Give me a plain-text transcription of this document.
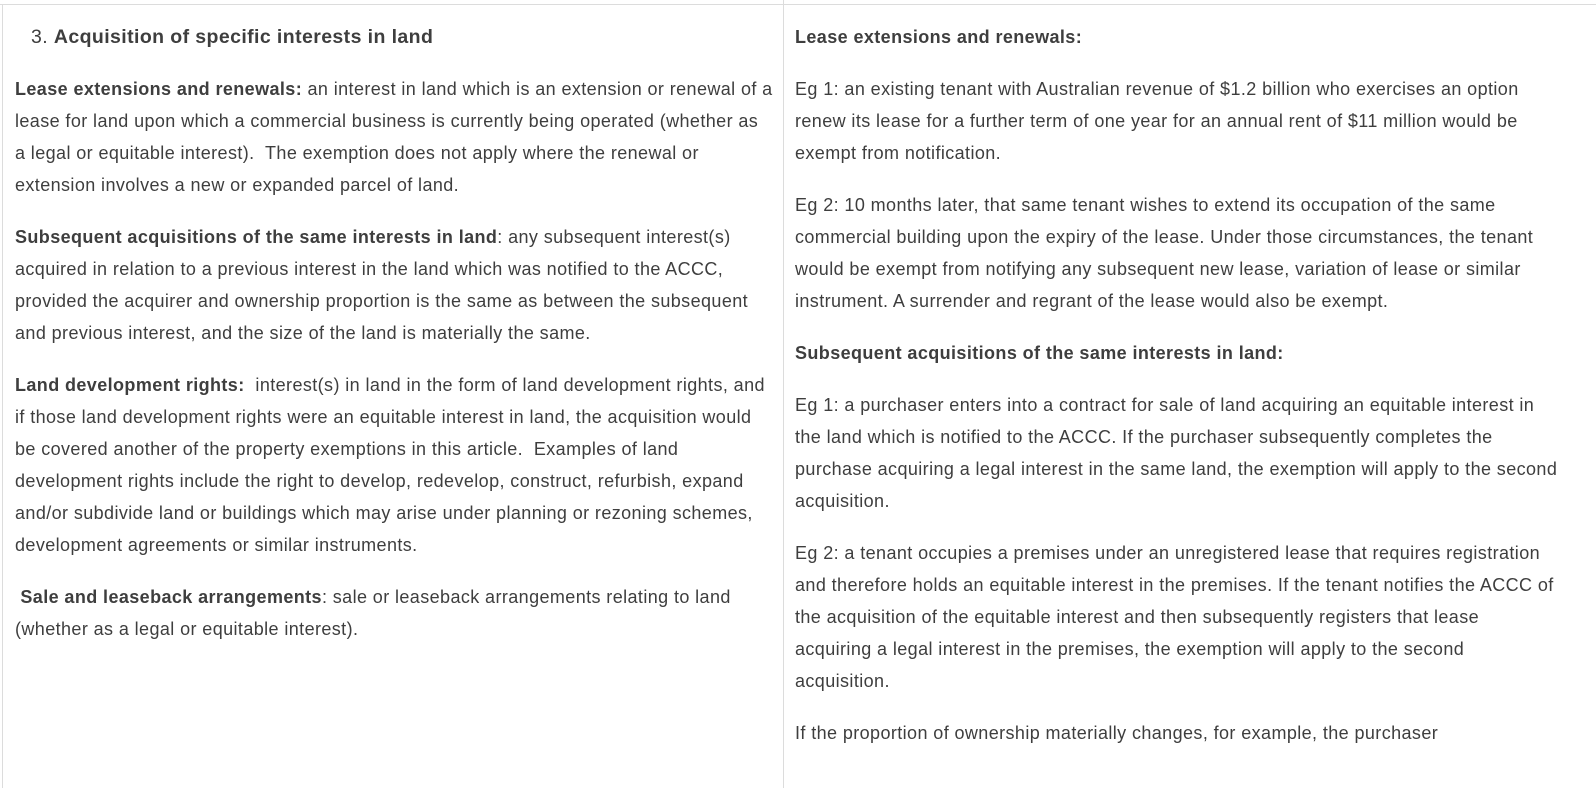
3. Acquisition of specific interests in land

Lease extensions and renewals: an interest in land which is an extension or renewal of a lease for land upon which a commercial business is currently being operated (whether as a legal or equitable interest).  The exemption does not apply where the renewal or extension involves a new or expanded parcel of land.

Subsequent acquisitions of the same interests in land: any subsequent interest(s) acquired in relation to a previous interest in the land which was notified to the ACCC, provided the acquirer and ownership proportion is the same as between the subsequent and previous interest, and the size of the land is materially the same.

Land development rights:  interest(s) in land in the form of land development rights, and if those land development rights were an equitable interest in land, the acquisition would be covered another of the property exemptions in this article.  Examples of land development rights include the right to develop, redevelop, construct, refurbish, expand and/or subdivide land or buildings which may arise under planning or rezoning schemes, development agreements or similar instruments.

Sale and leaseback arrangements: sale or leaseback arrangements relating to land (whether as a legal or equitable interest).

Lease extensions and renewals:

Eg 1: an existing tenant with Australian revenue of $1.2 billion who exercises an option renew its lease for a further term of one year for an annual rent of $11 million would be exempt from notification.

Eg 2: 10 months later, that same tenant wishes to extend its occupation of the same commercial building upon the expiry of the lease. Under those circumstances, the tenant would be exempt from notifying any subsequent new lease, variation of lease or similar instrument. A surrender and regrant of the lease would also be exempt.

Subsequent acquisitions of the same interests in land:

Eg 1: a purchaser enters into a contract for sale of land acquiring an equitable interest in the land which is notified to the ACCC. If the purchaser subsequently completes the purchase acquiring a legal interest in the same land, the exemption will apply to the second acquisition.

Eg 2: a tenant occupies a premises under an unregistered lease that requires registration and therefore holds an equitable interest in the premises. If the tenant notifies the ACCC of the acquisition of the equitable interest and then subsequently registers that lease acquiring a legal interest in the premises, the exemption will apply to the second acquisition.

If the proportion of ownership materially changes, for example, the purchaser
